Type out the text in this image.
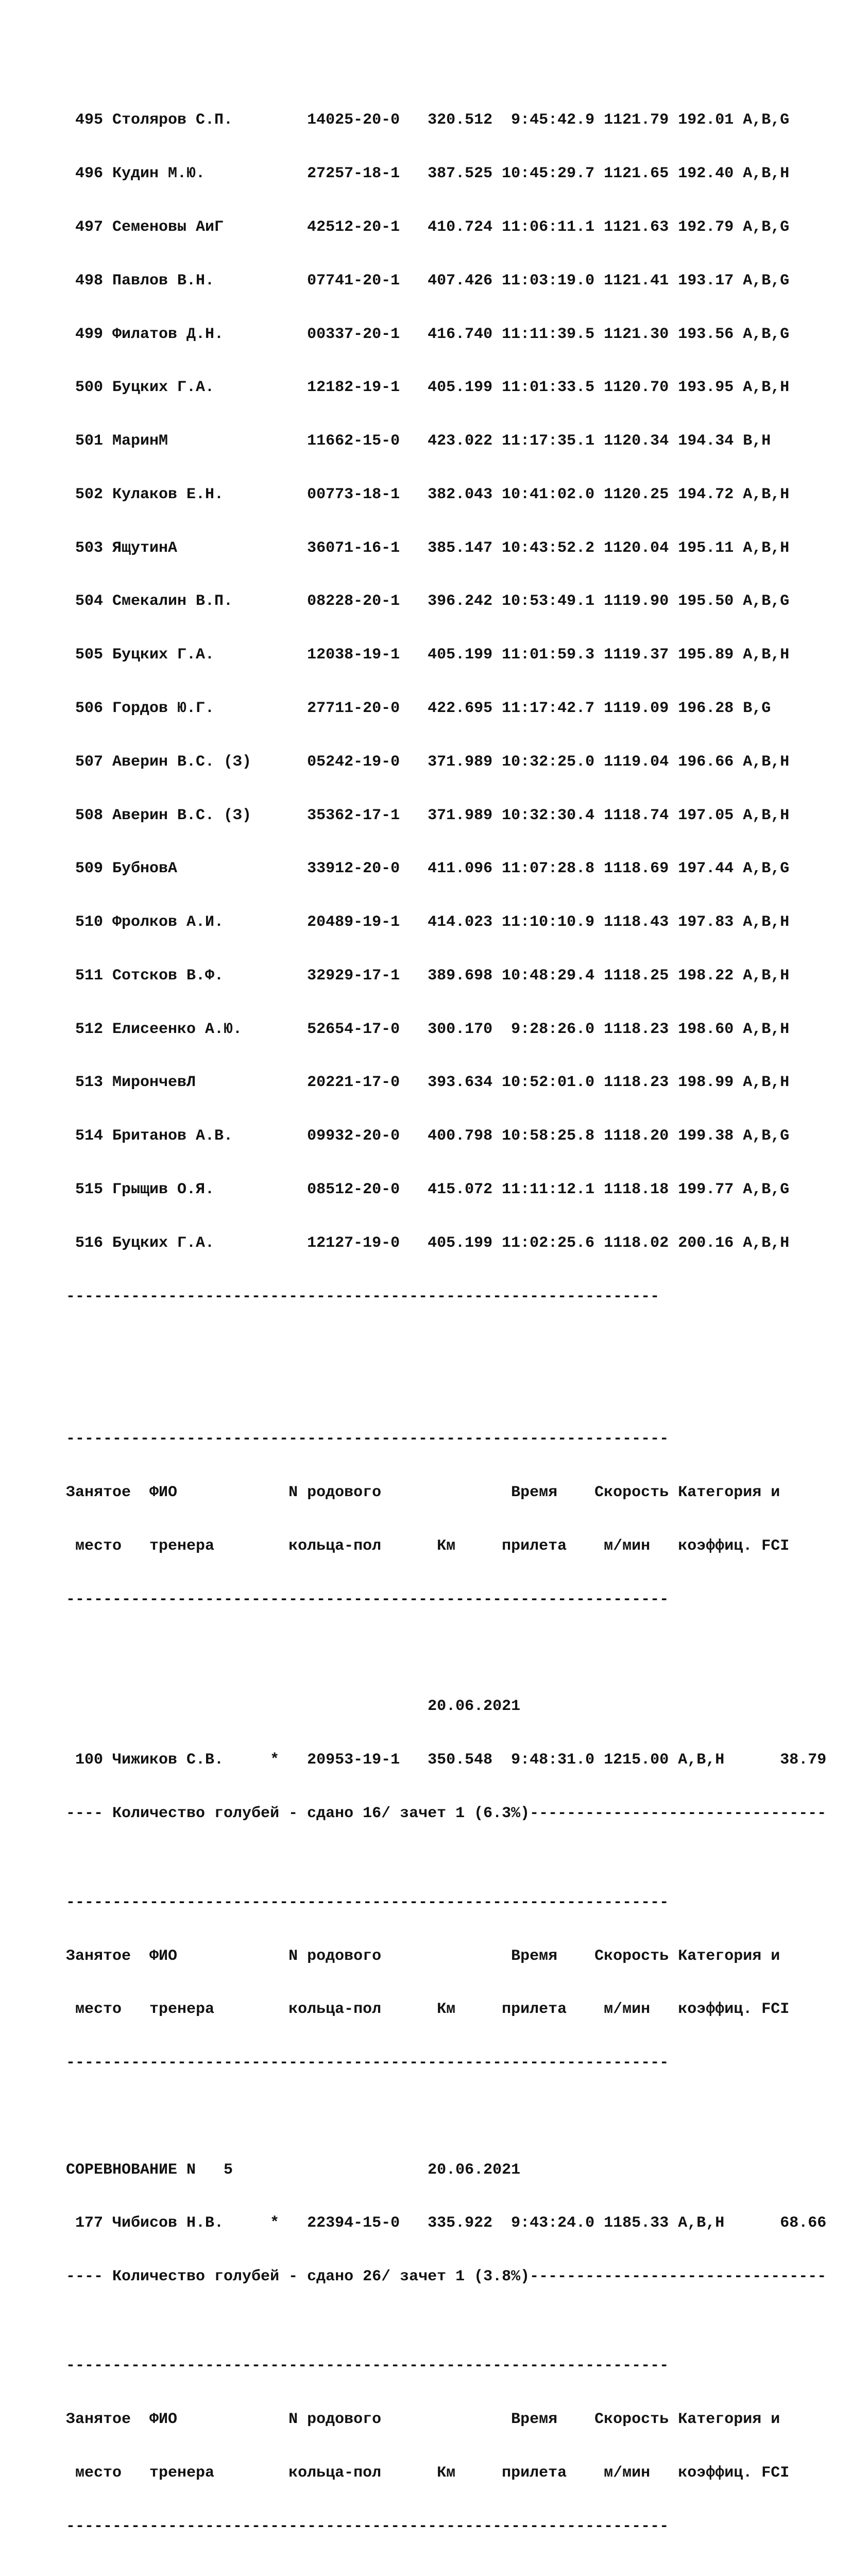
495 Столяров С.П.        14025-20-0   320.512  9:45:42.9 1121.79 192.01 A,B,G

496 Кудин М.Ю.           27257-18-1   387.525 10:45:29.7 1121.65 192.40 A,B,H

497 Семеновы АиГ         42512-20-1   410.724 11:06:11.1 1121.63 192.79 A,B,G

498 Павлов В.Н.          07741-20-1   407.426 11:03:19.0 1121.41 193.17 A,B,G

499 Филатов Д.Н.         00337-20-1   416.740 11:11:39.5 1121.30 193.56 A,B,G

500 Буцких Г.А.          12182-19-1   405.199 11:01:33.5 1120.70 193.95 A,B,H

501 МаринМ               11662-15-0   423.022 11:17:35.1 1120.34 194.34 B,H

502 Кулаков Е.Н.         00773-18-1   382.043 10:41:02.0 1120.25 194.72 A,B,H

503 ЯщутинА              36071-16-1   385.147 10:43:52.2 1120.04 195.11 A,B,H

504 Смекалин В.П.        08228-20-1   396.242 10:53:49.1 1119.90 195.50 A,B,G

505 Буцких Г.А.          12038-19-1   405.199 11:01:59.3 1119.37 195.89 A,B,H

506 Гордов Ю.Г.          27711-20-0   422.695 11:17:42.7 1119.09 196.28 B,G

507 Аверин В.С. (З)      05242-19-0   371.989 10:32:25.0 1119.04 196.66 A,B,H

508 Аверин В.С. (З)      35362-17-1   371.989 10:32:30.4 1118.74 197.05 A,B,H

509 БубновА              33912-20-0   411.096 11:07:28.8 1118.69 197.44 A,B,G

510 Фролков А.И.         20489-19-1   414.023 11:10:10.9 1118.43 197.83 A,B,H

511 Сотсков В.Ф.         32929-17-1   389.698 10:48:29.4 1118.25 198.22 A,B,H

512 Елисеенко А.Ю.       52654-17-0   300.170  9:28:26.0 1118.23 198.60 A,B,H

513 МирончевЛ            20221-17-0   393.634 10:52:01.0 1118.23 198.99 A,B,H

514 Британов А.В.        09932-20-0   400.798 10:58:25.8 1118.20 199.38 A,B,G

515 Грыщив О.Я.          08512-20-0   415.072 11:11:12.1 1118.18 199.77 A,B,G

516 Буцких Г.А.          12127-19-0   405.199 11:02:25.6 1118.02 200.16 A,B,H

----------------------------------------------------------------

-----------------------------------------------------------------

Занятое  ФИО            N родового              Время    Скорость Категория и

место   тренера        кольца-пол      Км     прилета    м/мин   коэффиц. FCI

-----------------------------------------------------------------

20.06.2021

100 Чижиков С.В.     *   20953-19-1   350.548  9:48:31.0 1215.00 A,B,H      38.79

---- Количество голубей - сдано 16/ зачет 1 (6.3%)--------------------------------

-----------------------------------------------------------------

Занятое  ФИО            N родового              Время    Скорость Категория и

место   тренера        кольца-пол      Км     прилета    м/мин   коэффиц. FCI

-----------------------------------------------------------------

СОРЕВНОВАНИЕ N   5                     20.06.2021

177 Чибисов Н.В.     *   22394-15-0   335.922  9:43:24.0 1185.33 A,B,H      68.66

---- Количество голубей - сдано 26/ зачет 1 (3.8%)--------------------------------

-----------------------------------------------------------------

Занятое  ФИО            N родового              Время    Скорость Категория и

место   тренера        кольца-пол      Км     прилета    м/мин   коэффиц. FCI

-----------------------------------------------------------------
